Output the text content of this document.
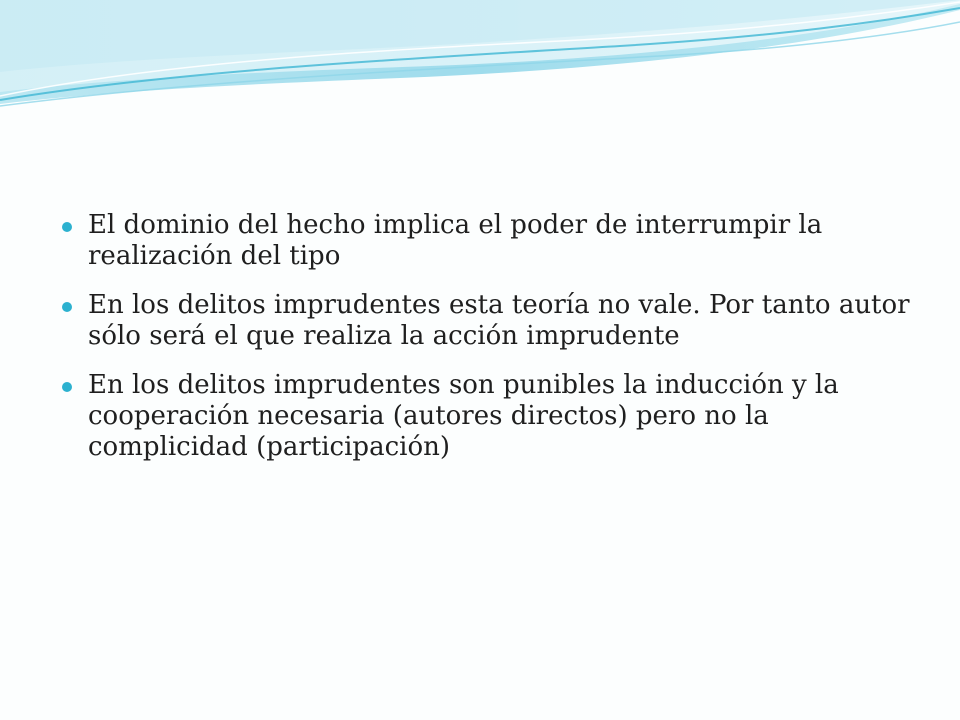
El dominio del hecho implica el poder de interrumpir la realización del tipo
En los delitos imprudentes esta teoría no vale. Por tanto autor sólo será el que realiza la acción imprudente
En los delitos imprudentes son punibles la inducción y la cooperación necesaria (autores directos) pero no la complicidad (participación)
